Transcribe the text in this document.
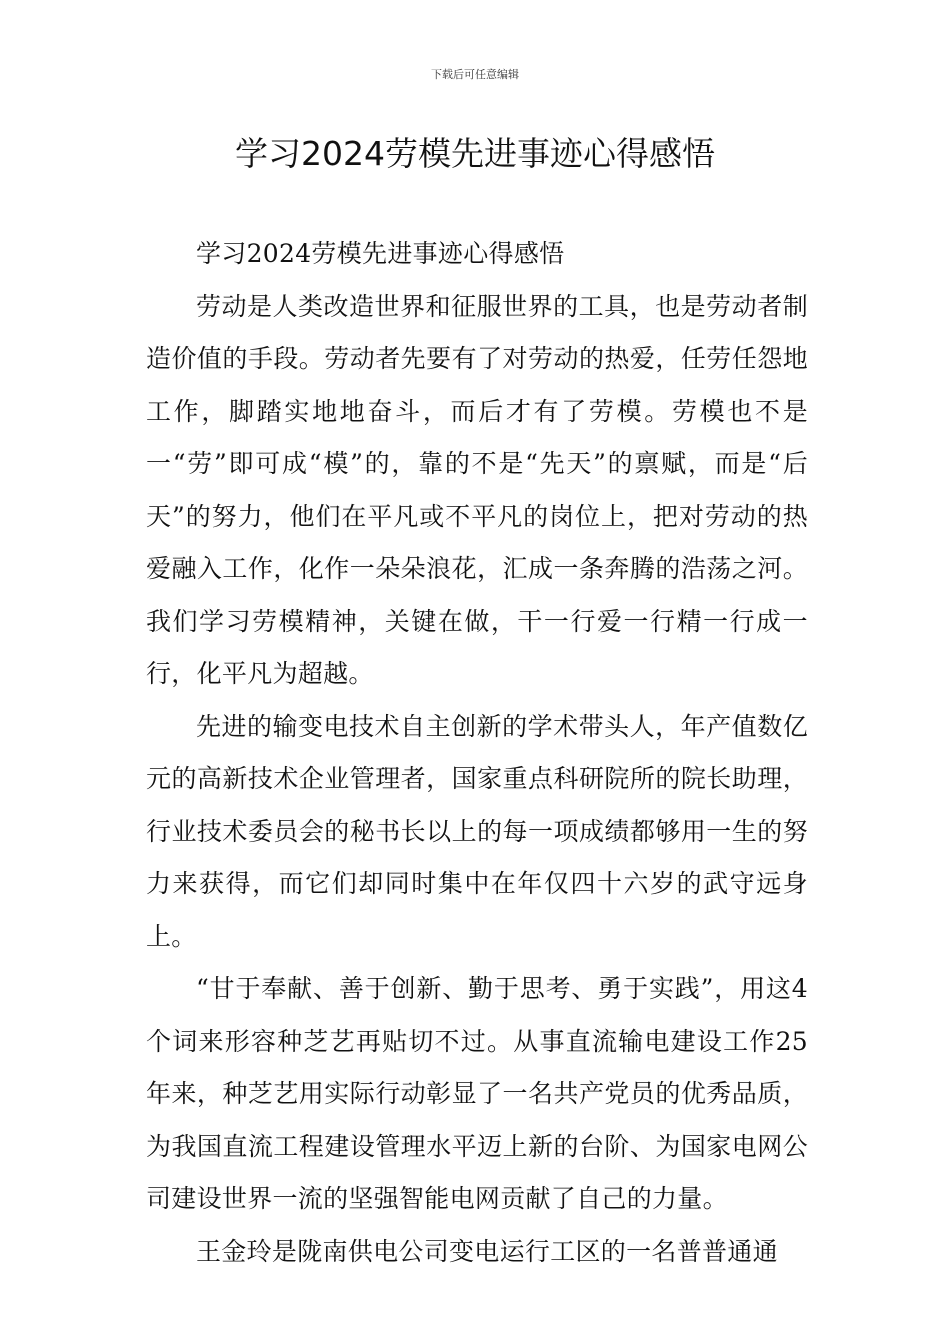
下载后可任意编辑
学习2024劳模先进事迹心得感悟

学习2024劳模先进事迹心得感悟

劳动是人类改造世界和征服世界的工具，也是劳动者制造价值的手段。劳动者先要有了对劳动的热爱，任劳任怨地工作，脚踏实地地奋斗，而后才有了劳模。劳模也不是一“劳”即可成“模”的，靠的不是“先天”的禀赋，而是“后天”的努力，他们在平凡或不平凡的岗位上，把对劳动的热爱融入工作，化作一朵朵浪花，汇成一条奔腾的浩荡之河。我们学习劳模精神，关键在做，干一行爱一行精一行成一行，化平凡为超越。

先进的输变电技术自主创新的学术带头人，年产值数亿元的高新技术企业管理者，国家重点科研院所的院长助理，行业技术委员会的秘书长以上的每一项成绩都够用一生的努力来获得，而它们却同时集中在年仅四十六岁的武守远身上。

“甘于奉献、善于创新、勤于思考、勇于实践”，用这4个词来形容种芝艺再贴切不过。从事直流输电建设工作25年来，种芝艺用实际行动彰显了一名共产党员的优秀品质，为我国直流工程建设管理水平迈上新的台阶、为国家电网公司建设世界一流的坚强智能电网贡献了自己的力量。

王金玲是陇南供电公司变电运行工区的一名普普通通
